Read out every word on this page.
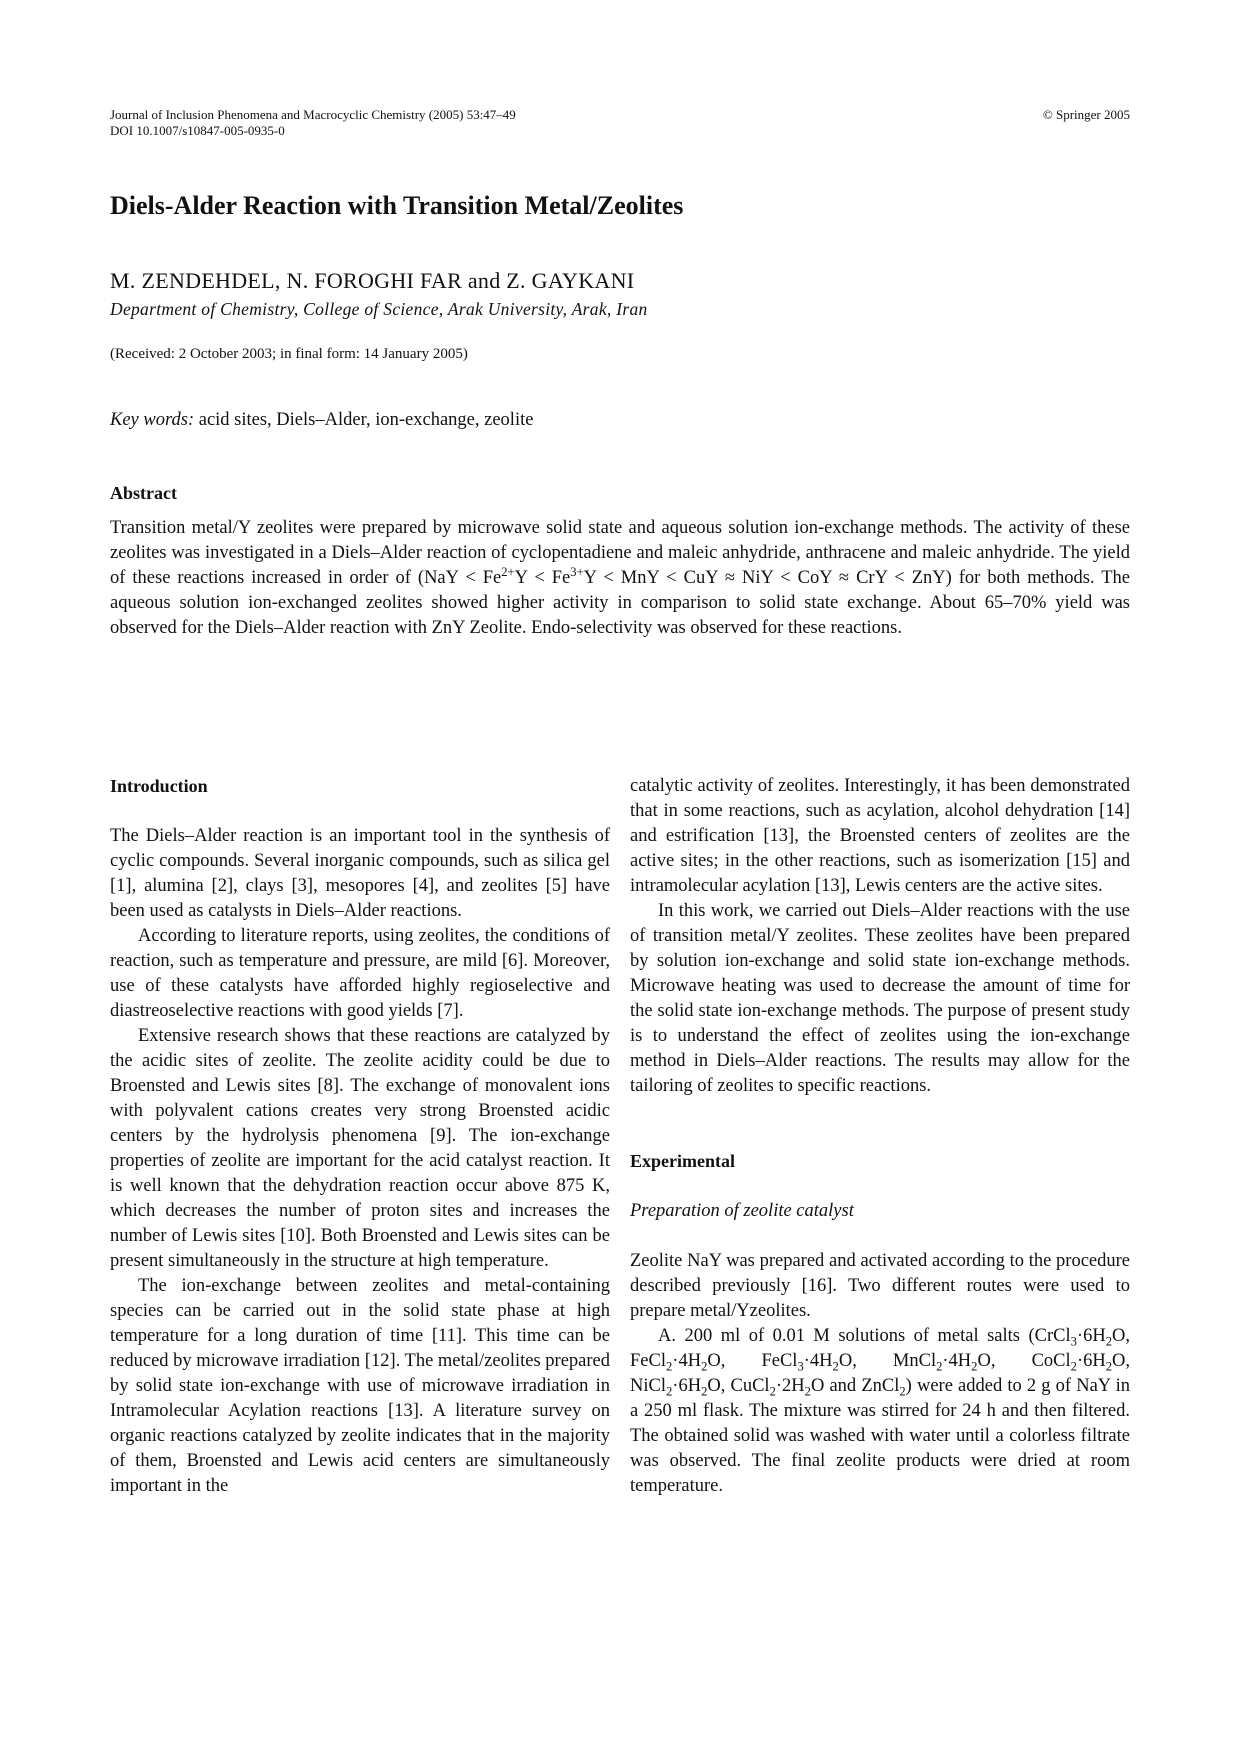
Journal of Inclusion Phenomena and Macrocyclic Chemistry (2005) 53:47–49
DOI 10.1007/s10847-005-0935-0
© Springer 2005
Diels-Alder Reaction with Transition Metal/Zeolites
M. ZENDEHDEL, N. FOROGHI FAR and Z. GAYKANI
Department of Chemistry, College of Science, Arak University, Arak, Iran
(Received: 2 October 2003; in final form: 14 January 2005)
Key words: acid sites, Diels–Alder, ion-exchange, zeolite
Abstract

Transition metal/Y zeolites were prepared by microwave solid state and aqueous solution ion-exchange methods. The activity of these zeolites was investigated in a Diels–Alder reaction of cyclopentadiene and maleic anhydride, anthracene and maleic anhydride. The yield of these reactions increased in order of ($NaY < Fe^{2+}Y < Fe^{3+}Y$ < MnY < CuY ≈ NiY < CoY ≈ CrY < ZnY) for both methods. The aqueous solution ion-exchanged zeolites showed higher activity in comparison to solid state exchange. About 65–70% yield was observed for the Diels–Alder reaction with ZnY Zeolite. Endo-selectivity was observed for these reactions.

Introduction

The Diels–Alder reaction is an important tool in the synthesis of cyclic compounds. Several inorganic compounds, such as silica gel [1], alumina [2], clays [3], mesopores [4], and zeolites [5] have been used as catalysts in Diels–Alder reactions.

According to literature reports, using zeolites, the conditions of reaction, such as temperature and pressure, are mild [6]. Moreover, use of these catalysts have afforded highly regioselective and diastreoselective reactions with good yields [7].

Extensive research shows that these reactions are catalyzed by the acidic sites of zeolite. The zeolite acidity could be due to Broensted and Lewis sites [8]. The exchange of monovalent ions with polyvalent cations creates very strong Broensted acidic centers by the hydrolysis phenomena [9]. The ion-exchange properties of zeolite are important for the acid catalyst reaction. It is well known that the dehydration reaction occur above 875 K, which decreases the number of proton sites and increases the number of Lewis sites [10]. Both Broensted and Lewis sites can be present simultaneously in the structure at high temperature.

The ion-exchange between zeolites and metal-containing species can be carried out in the solid state phase at high temperature for a long duration of time [11]. This time can be reduced by microwave irradiation [12]. The metal/zeolites prepared by solid state ion-exchange with use of microwave irradiation in Intramolecular Acylation reactions [13]. A literature survey on organic reactions catalyzed by zeolite indicates that in the majority of them, Broensted and Lewis acid centers are simultaneously important in the

catalytic activity of zeolites. Interestingly, it has been demonstrated that in some reactions, such as acylation, alcohol dehydration [14] and estrification [13], the Broensted centers of zeolites are the active sites; in the other reactions, such as isomerization [15] and intramolecular acylation [13], Lewis centers are the active sites.

In this work, we carried out Diels–Alder reactions with the use of transition metal/Y zeolites. These zeolites have been prepared by solution ion-exchange and solid state ion-exchange methods. Microwave heating was used to decrease the amount of time for the solid state ion-exchange methods. The purpose of present study is to understand the effect of zeolites using the ion-exchange method in Diels–Alder reactions. The results may allow for the tailoring of zeolites to specific reactions.

Experimental
Preparation of zeolite catalyst

Zeolite NaY was prepared and activated according to the procedure described previously [16]. Two different routes were used to prepare metal/Yzeolites.

A. 200 ml of 0.01 M solutions of metal salts ($CrCl_3\cdot 6H_2O$, $FeCl_2\cdot 4H_2O$, $FeCl_3\cdot 4H_2O$, $MnCl_2\cdot 4H_2O$, $CoCl_2\cdot 6H_2O$, $NiCl_2\cdot 6H_2O$, $CuCl_2\cdot 2H_2O$ and ZnCl$_2$) were added to 2 g of NaY in a 250 ml flask. The mixture was stirred for 24 h and then filtered. The obtained solid was washed with water until a colorless filtrate was observed. The final zeolite products were dried at room temperature.
